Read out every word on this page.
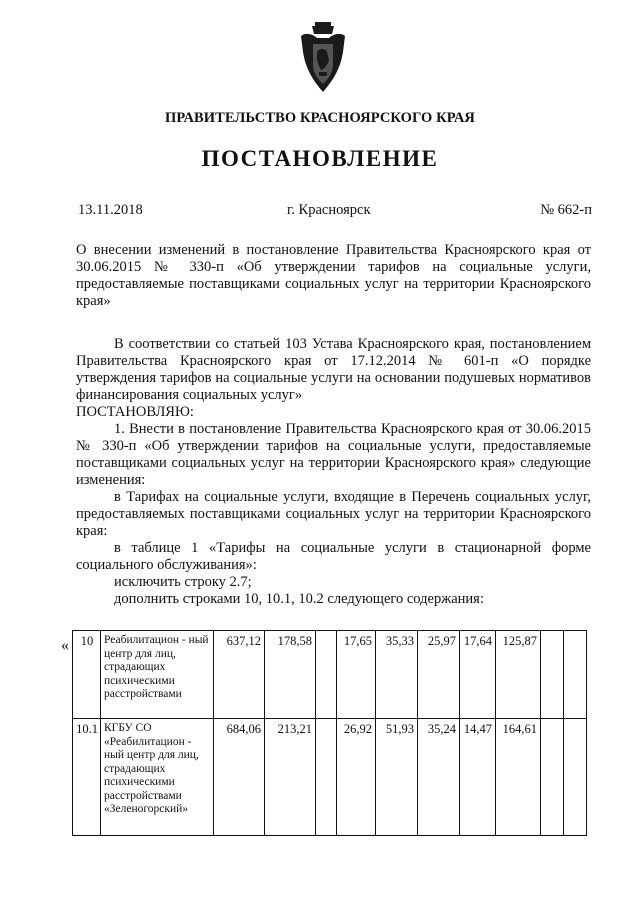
ПРАВИТЕЛЬСТВО КРАСНОЯРСКОГО КРАЯ
ПОСТАНОВЛЕНИЕ
13.11.2018	г. Красноярск	№ 662-п

О внесении изменений в постановление Правительства Красноярского края от 30.06.2015 № 330-п «Об утверждении тарифов на социальные услуги, предоставляемые поставщиками социальных услуг на территории Красноярского края»

В соответствии со статьей 103 Устава Красноярского края, постановлением Правительства Красноярского края от 17.12.2014 № 601-п «О порядке утверждения тарифов на социальные услуги на основании подушевых нормативов финансирования социальных услуг»

ПОСТАНОВЛЯЮ:

1. Внести в постановление Правительства Красноярского края от 30.06.2015 № 330-п «Об утверждении тарифов на социальные услуги, предоставляемые поставщиками социальных услуг на территории Красноярского края» следующие изменения:

в Тарифах на социальные услуги, входящие в Перечень социальных услуг, предоставляемых поставщиками социальных услуг на территории Красноярского края:

в таблице 1 «Тарифы на социальные услуги в стационарной форме социального обслуживания»:

исключить строку 2.7;

дополнить строками 10, 10.1, 10.2 следующего содержания:

« 10	Реабилитацион - ный центр для лиц, страдающих психическими расстройствами	637,12	178,58		17,65	35,33	25,97	17,64	125,87		
10.1	КГБУ СО «Реабилитацион - ный центр для лиц, страдающих психическими расстройствами «Зеленогорский»	684,06	213,21		26,92	51,93	35,24	14,47	164,61		
